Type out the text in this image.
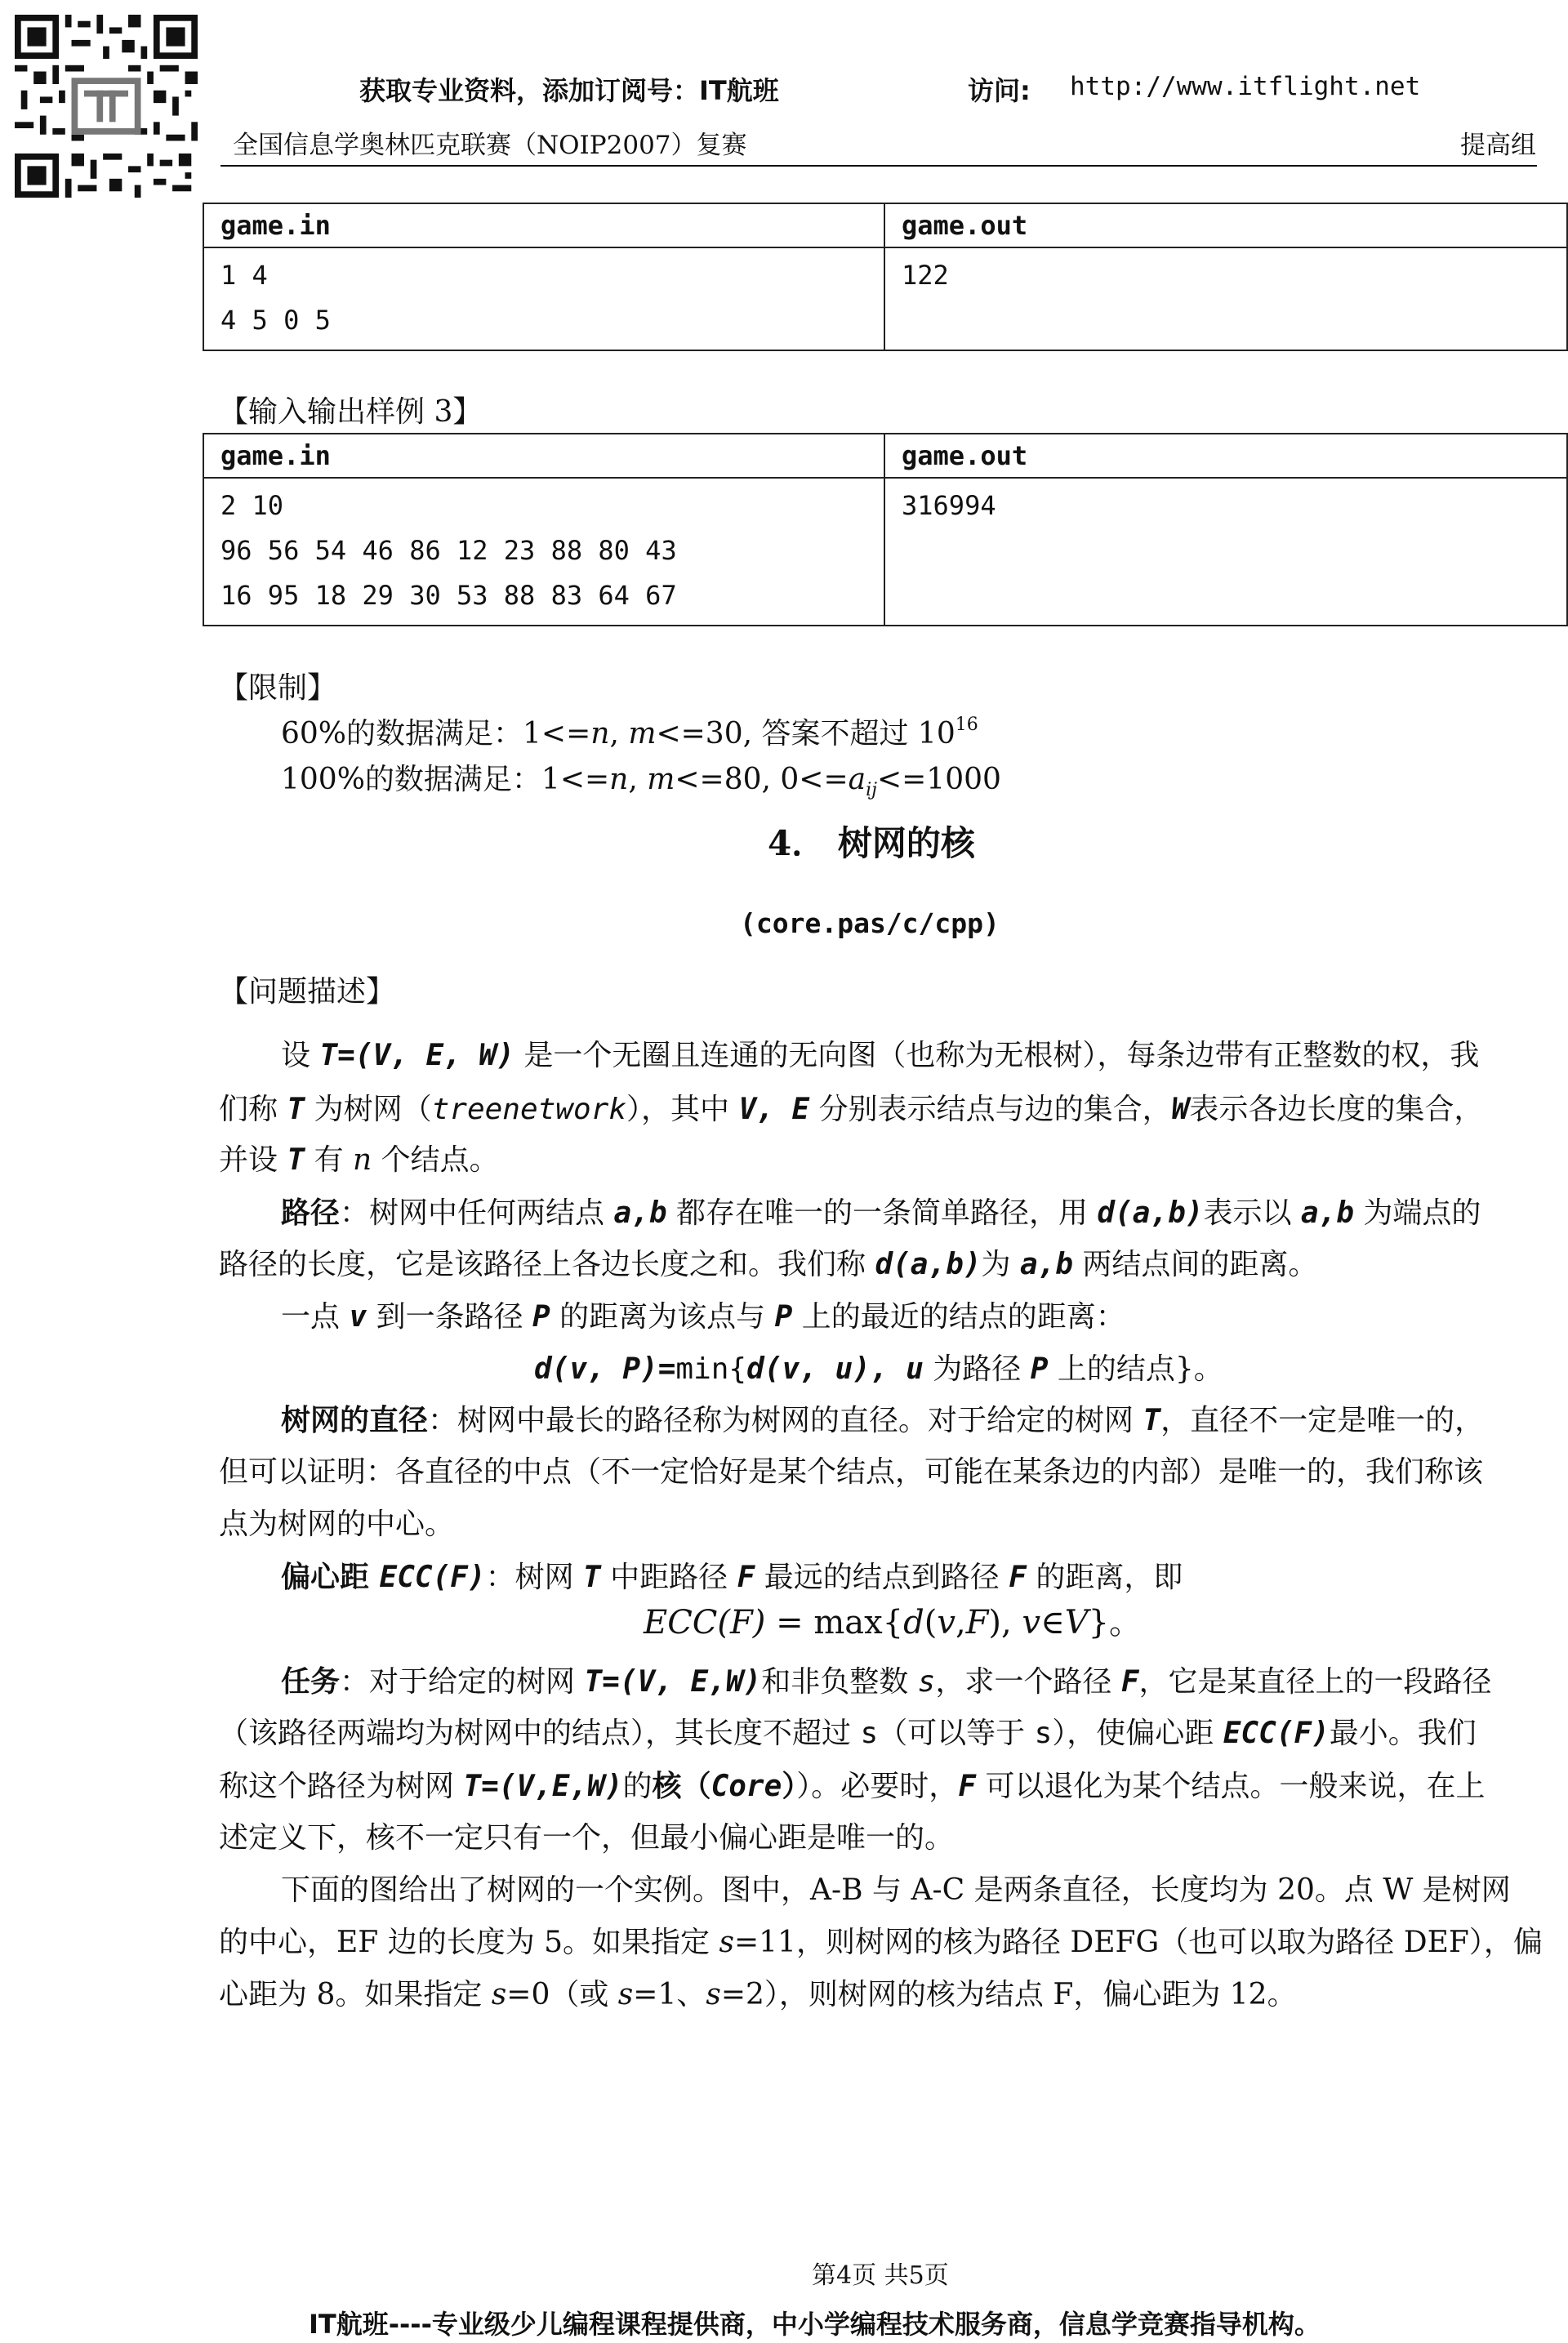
获取专业资料，添加订阅号：IT航班	访问: http://www.itflight.net
全国信息学奥林匹克联赛（NOIP2007）复赛	提高组
game.in	game.out

1 4
4 5 0 5	122
【输入输出样例 3】
game.in	game.out

2 10
96 56 54 46 86 12 23 88 80 43
16 95 18 29 30 53 88 83 64 67	316994
【限制】
60%的数据满足：1<=n, m<=30, 答案不超过 $10^{16}$
100%的数据满足：1<=n, m<=80, $0<=a_{ij}<=1000$
4． 树网的核
(core.pas/c/cpp)
【问题描述】
设 T=(V, E, W) 是一个无圈且连通的无向图（也称为无根树），每条边带有正整数的权，我
们称 T 为树网（treenetwork），其中 V, E 分别表示结点与边的集合，W表示各边长度的集合，
并设 T 有 n 个结点。
路径：树网中任何两结点 a,b 都存在唯一的一条简单路径，用 d(a,b)表示以 a,b 为端点的
路径的长度，它是该路径上各边长度之和。我们称 d(a,b)为 a,b 两结点间的距离。
一点 v 到一条路径 P 的距离为该点与 P 上的最近的结点的距离：
d(v, P)=min{d(v, u), u 为路径 P 上的结点}。
树网的直径：树网中最长的路径称为树网的直径。对于给定的树网 T，直径不一定是唯一的，
但可以证明：各直径的中点（不一定恰好是某个结点，可能在某条边的内部）是唯一的，我们称该
点为树网的中心。
偏心距 ECC(F)：树网 T 中距路径 F 最远的结点到路径 F 的距离，即
ECC(F) = max{d(v,F), v∈V}。
任务：对于给定的树网 T=(V, E,W)和非负整数 s，求一个路径 F，它是某直径上的一段路径
（该路径两端均为树网中的结点），其长度不超过 s（可以等于 s），使偏心距 ECC(F)最小。我们
称这个路径为树网 T=(V,E,W)的核（Core））。必要时，F 可以退化为某个结点。一般来说，在上
述定义下，核不一定只有一个，但最小偏心距是唯一的。
下面的图给出了树网的一个实例。图中，A-B 与 A-C 是两条直径，长度均为 20。点 W 是树网
的中心，EF 边的长度为 5。如果指定 s=11，则树网的核为路径 DEFG（也可以取为路径 DEF），偏
心距为 8。如果指定 s=0（或 s=1、s=2），则树网的核为结点 F，偏心距为 12。
第4页 共5页
IT航班----专业级少儿编程课程提供商，中小学编程技术服务商，信息学竞赛指导机构。
